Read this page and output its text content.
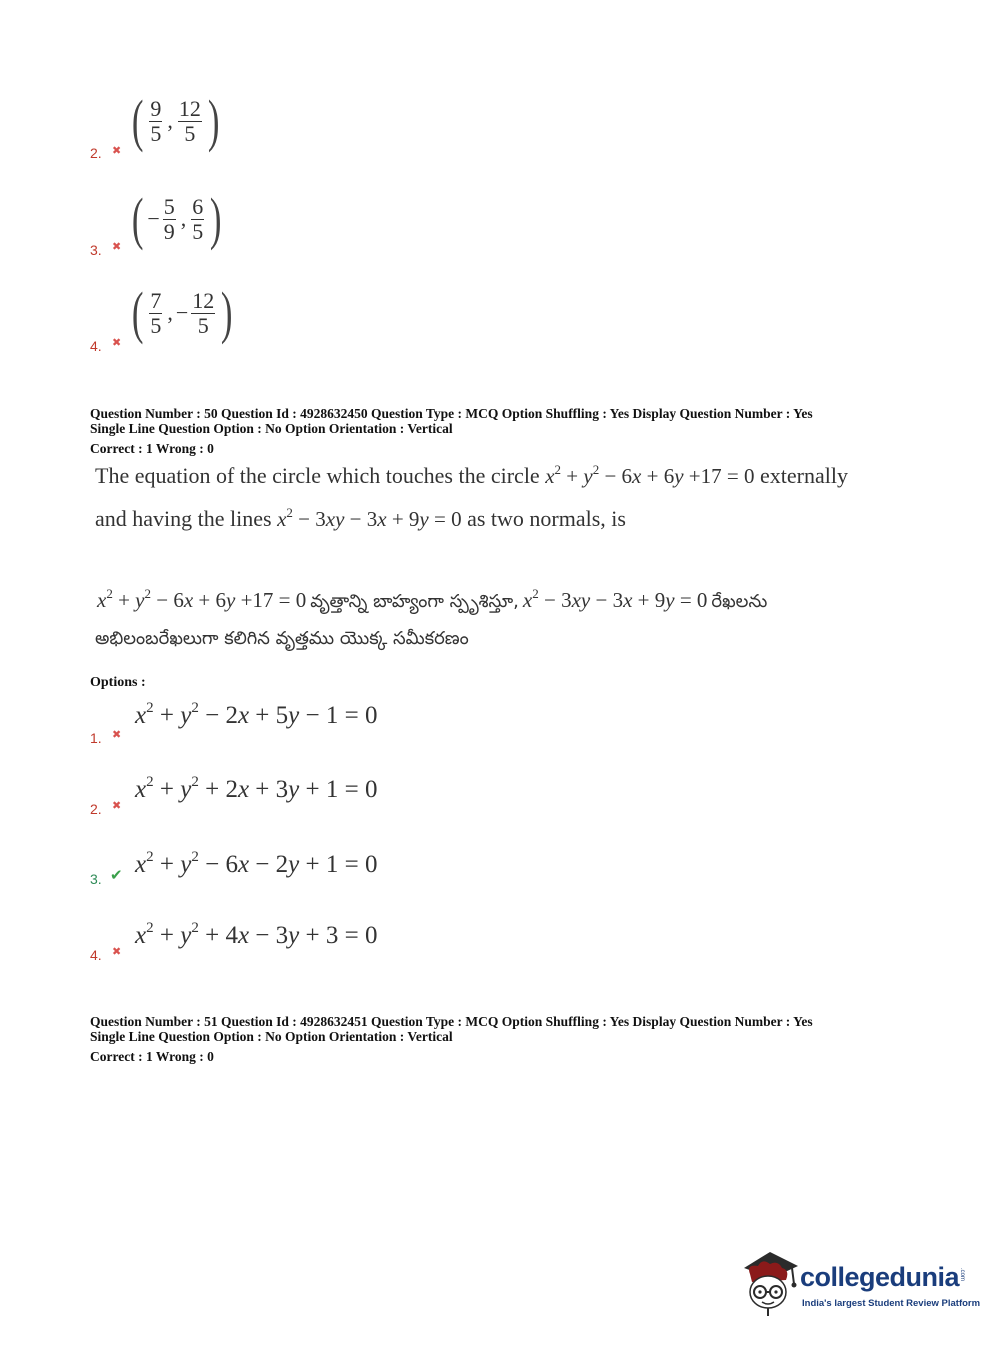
2. ✖ ( $\frac{9}{5}$ , $\frac{12}{5}$ )
3. ✖ ( − $\frac{5}{9}$ , $\frac{6}{5}$ )
4. ✖ ( $\frac{7}{5}$ , − $\frac{12}{5}$ )
Question Number : 50 Question Id : 4928632450 Question Type : MCQ Option Shuffling : Yes Display Question Number : Yes
Single Line Question Option : No Option Orientation : Vertical
Correct : 1 Wrong : 0
The equation of the circle which touches the circle $x^2 + y^2 - 6x + 6y +17 = 0$ externally
and having the lines $x^2 - 3xy - 3x + 9y = 0$ as two normals, is
$x^2 + y^2 - 6x + 6y +17 = 0$ వృత్తాన్ని బాహ్యంగా స్పృశిస్తూ, $x^2 - 3xy - 3x + 9y = 0$ రేఖలను
అభిలంబరేఖలుగా కలిగిన వృత్తము యొక్క సమీకరణం
Options :
1. ✖
$x^2 + y^2 - 2x + 5y - 1 = 0$
2. ✖
$x^2 + y^2 + 2x + 3y + 1 = 0$
3. ✔ $x^2 + y^2 - 6x - 2y + 1 = 0$
4. ✖
$x^2 + y^2 + 4x - 3y + 3 = 0$
Question Number : 51 Question Id : 4928632451 Question Type : MCQ Option Shuffling : Yes Display Question Number : Yes
Single Line Question Option : No Option Orientation : Vertical
Correct : 1 Wrong : 0
collegedunia .com
India's largest Student Review Platform
